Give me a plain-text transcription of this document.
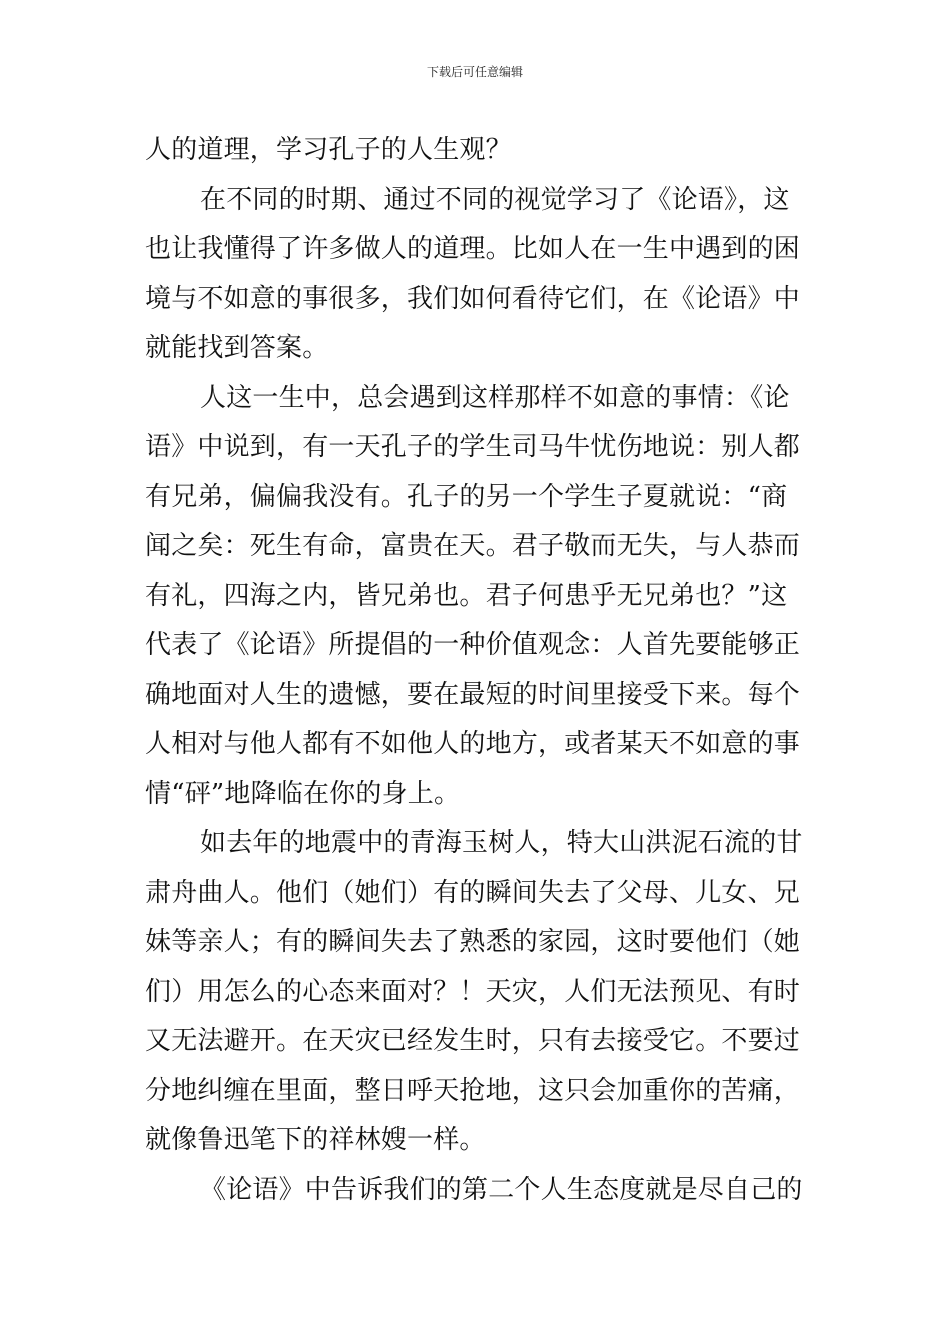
下载后可任意编辑
人的道理，学习孔子的人生观？
在不同的时期、通过不同的视觉学习了《论语》，这
也让我懂得了许多做人的道理。比如人在一生中遇到的困
境与不如意的事很多，我们如何看待它们，在《论语》中
就能找到答案。
人这一生中，总会遇到这样那样不如意的事情：《论
语》中说到，有一天孔子的学生司马牛忧伤地说：别人都
有兄弟，偏偏我没有。孔子的另一个学生子夏就说：“商
闻之矣：死生有命，富贵在天。君子敬而无失，与人恭而
有礼，四海之内，皆兄弟也。君子何患乎无兄弟也？”这
代表了《论语》所提倡的一种价值观念：人首先要能够正
确地面对人生的遗憾，要在最短的时间里接受下来。每个
人相对与他人都有不如他人的地方，或者某天不如意的事
情“砰”地降临在你的身上。
如去年的地震中的青海玉树人，特大山洪泥石流的甘
肃舟曲人。他们（她们）有的瞬间失去了父母、儿女、兄
妹等亲人；有的瞬间失去了熟悉的家园，这时要他们（她
们）用怎么的心态来面对？！天灾，人们无法预见、有时
又无法避开。在天灾已经发生时，只有去接受它。不要过
分地纠缠在里面，整日呼天抢地，这只会加重你的苦痛，
就像鲁迅笔下的祥林嫂一样。
《论语》中告诉我们的第二个人生态度就是尽自己的
